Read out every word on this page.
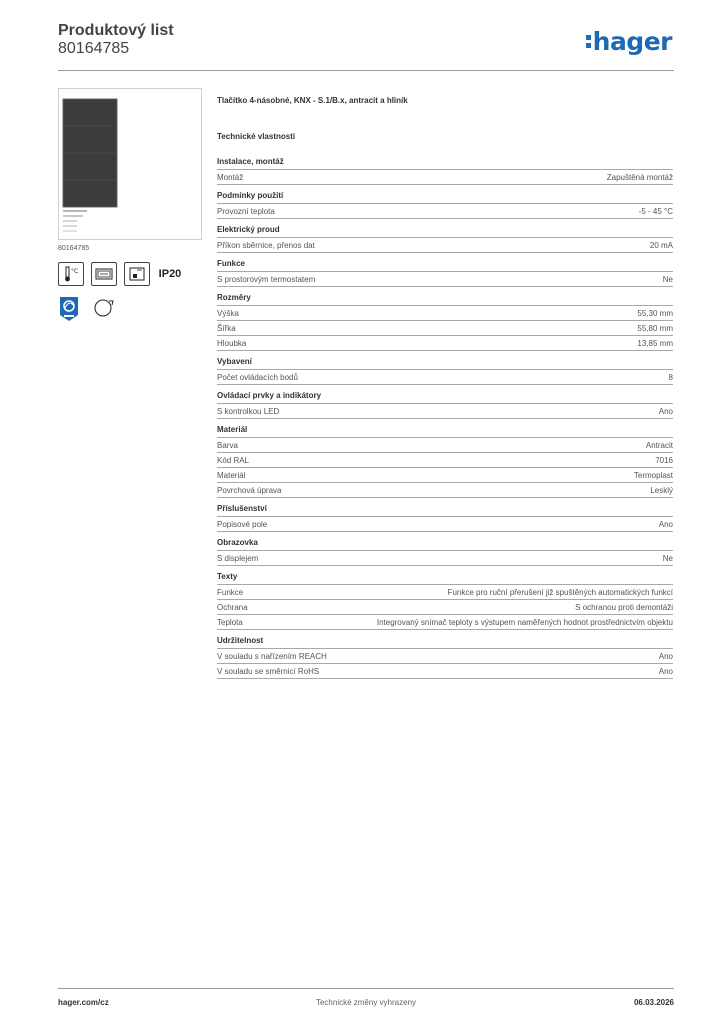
Produktový list
80164785	hager
80164785
°C	IP20
Tlačítko 4-násobné, KNX - S.1/B.x, antracit a hliník
Technické vlastnosti
Instalace, montáž
Montáž	Zapuštěná montáž
Podmínky použití
Provozní teplota	-5 - 45 °C
Elektrický proud
Příkon sběrnice, přenos dat	20 mA
Funkce
S prostorovým termostatem	Ne
Rozměry
Výška	55,30 mm
Šířka	55,80 mm
Hloubka	13,85 mm
Vybavení
Počet ovládacích bodů	8
Ovládací prvky a indikátory
S kontrolkou LED	Ano
Materiál
Barva	Antracit
Kód RAL	7016
Materiál	Termoplast
Povrchová úprava	Lesklý
Příslušenství
Popisové pole	Ano
Obrazovka
S displejem	Ne
Texty
Funkce	Funkce pro ruční přerušení již spuštěných automatických funkcí
Ochrana	S ochranou proti demontáži
Teplota	Integrovaný snímač teploty s výstupem naměřených hodnot prostřednictvím objektu
Udržitelnost
V souladu s nařízením REACH	Ano
V souladu se směrnicí RoHS	Ano
hager.com/cz	Technické změny vyhrazeny	06.03.2026
